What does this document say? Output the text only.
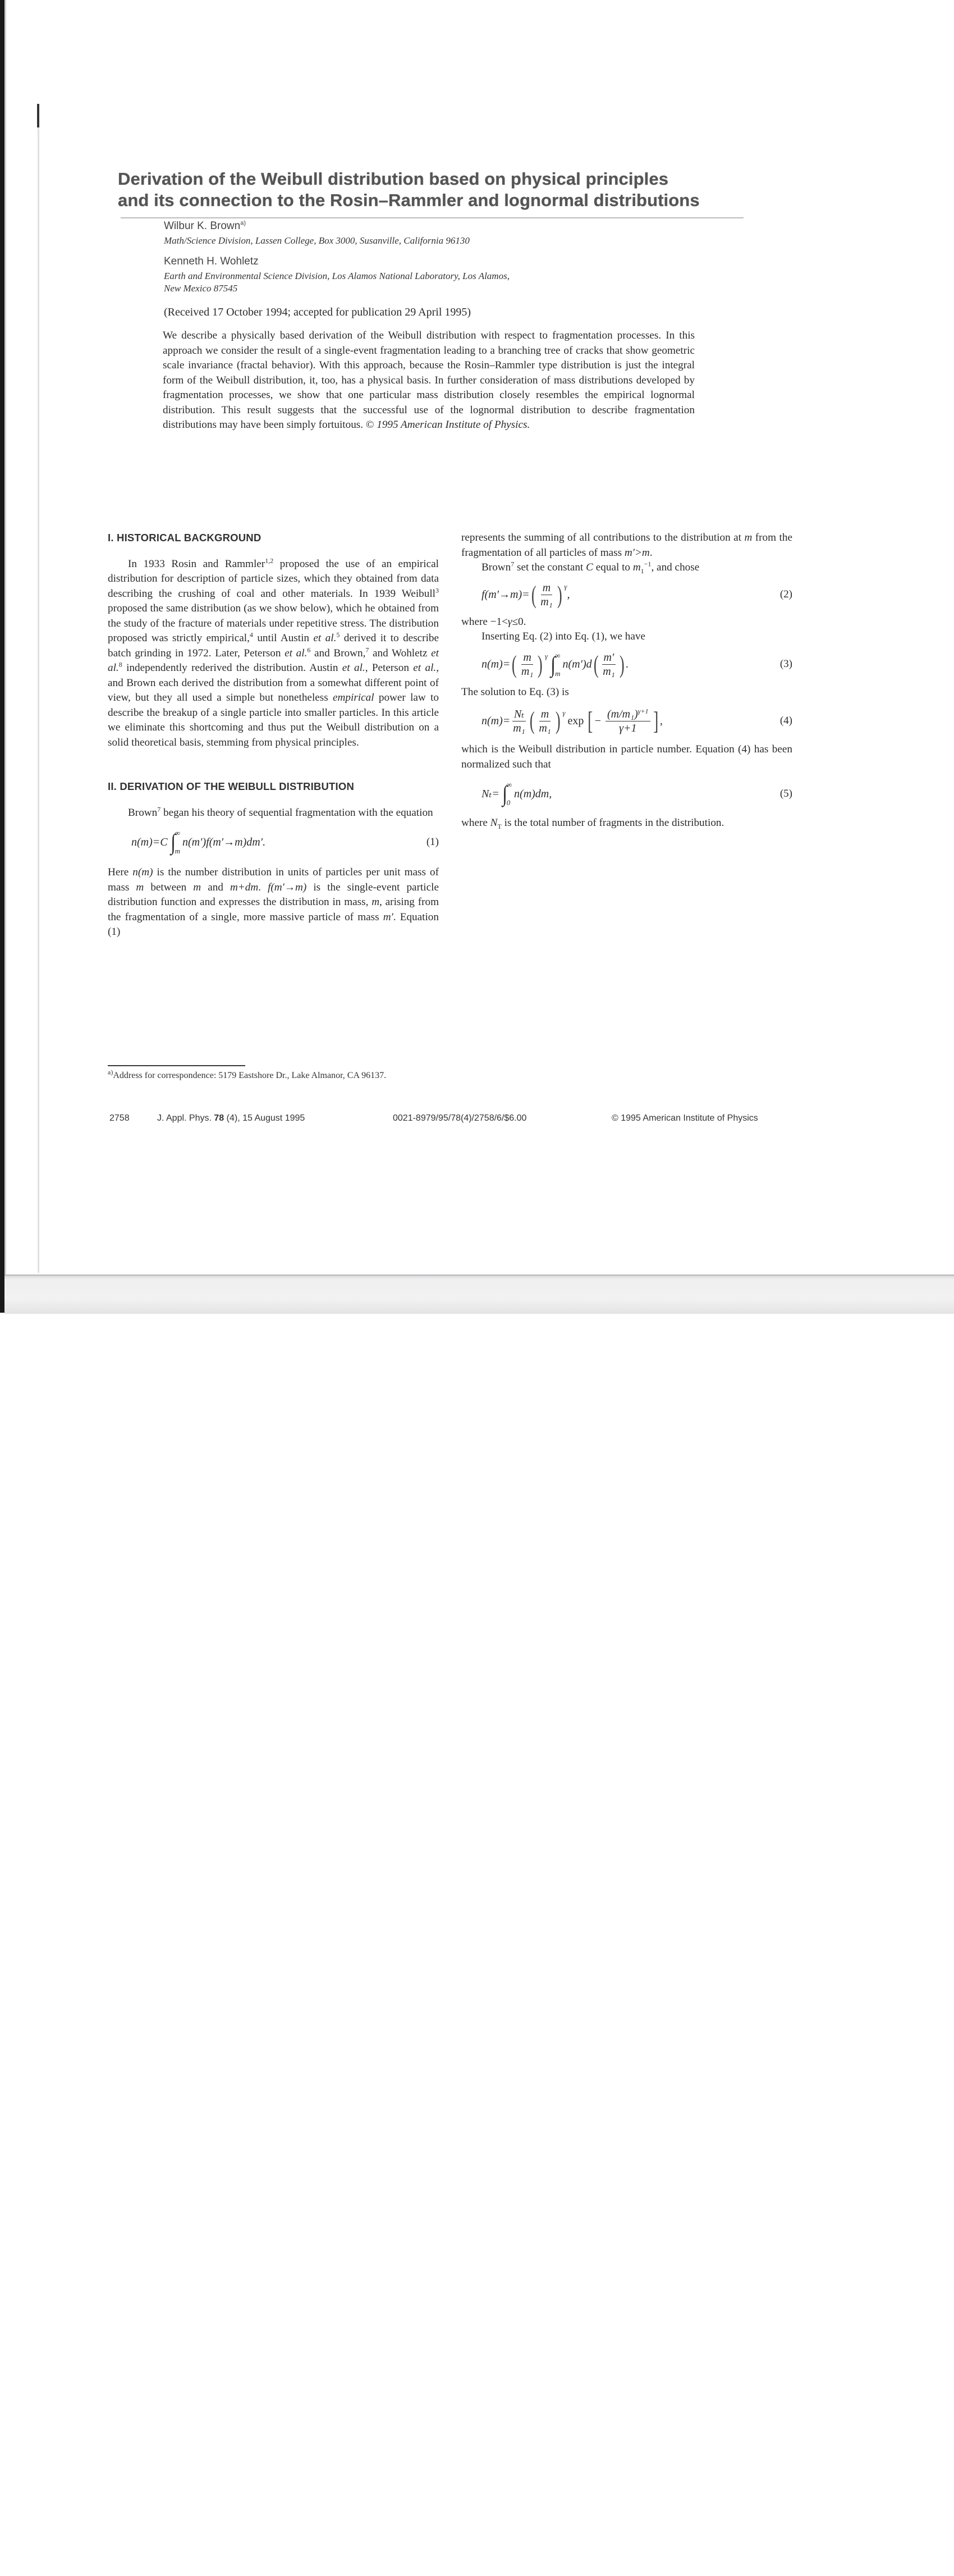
Derivation of the Weibull distribution based on physical principles
and its connection to the Rosin–Rammler and lognormal distributions
Wilbur K. Brown$^{a)}$
Math/Science Division, Lassen College, Box 3000, Susanville, California 96130
Kenneth H. Wohletz
Earth and Environmental Science Division, Los Alamos National Laboratory, Los Alamos,
New Mexico 87545
(Received 17 October 1994; accepted for publication 29 April 1995)
We describe a physically based derivation of the Weibull distribution with respect to fragmentation processes. In this approach we consider the result of a single-event fragmentation leading to a branching tree of cracks that show geometric scale invariance (fractal behavior). With this approach, because the Rosin–Rammler type distribution is just the integral form of the Weibull distribution, it, too, has a physical basis. In further consideration of mass distributions developed by fragmentation processes, we show that one particular mass distribution closely resembles the empirical lognormal distribution. This result suggests that the successful use of the lognormal distribution to describe fragmentation distributions may have been simply fortuitous. © 1995 American Institute of Physics.

I. HISTORICAL BACKGROUND

In 1933 Rosin and Rammler$^{1,2}$ proposed the use of an empirical distribution for description of particle sizes, which they obtained from data describing the crushing of coal and other materials. In 1939 Weibull$^3$ proposed the same distribution (as we show below), which he obtained from the study of the fracture of materials under repetitive stress. The distribution proposed was strictly empirical,$^4$ until Austin et al.$^5$ derived it to describe batch grinding in 1972. Later, Peterson et al.$^6$ and Brown,$^7$ and Wohletz et al.$^8$ independently rederived the distribution. Austin et al., Peterson et al., and Brown each derived the distribution from a somewhat different point of view, but they all used a simple but nonetheless empirical power law to describe the breakup of a single particle into smaller particles. In this article we eliminate this shortcoming and thus put the Weibull distribution on a solid theoretical basis, stemming from physical principles.

II. DERIVATION OF THE WEIBULL DISTRIBUTION

Brown$^7$ began his theory of sequential fragmentation with the equation

n(m)=C ∫ ∞
m
n(m′)f(m′→m)dm′.	(1)

Here n(m) is the number distribution in units of particles per unit mass of mass m between m and m+dm. f(m′→m) is the single-event particle distribution function and expresses the distribution in mass, m, arising from the fragmentation of a single, more massive particle of mass m′. Equation (1)

represents the summing of all contributions to the distribution at m from the fragmentation of all particles of mass m′>m.

Brown$^7$ set the constant C equal to $m_1^{-1}$, and chose

f(m′→m)= ( $\frac{m}{\text{m₁}}$ ) γ
,	(2)

where −1<γ≤0.

Inserting Eq. (2) into Eq. (1), we have

n(m)= ( $\frac{m}{\text{m₁}}$ ) γ ∫ ∞
m
n(m′)d ( $\frac{m'}{\text{m₁}}$ ) .	(3)

The solution to Eq. (3) is

$n(m)= \frac{\text{Nₜ}}{\text{m₁}}$ ( $\frac{m}{\text{m₁}}$ ) γ
exp [ − $\frac{(m/m_1)^{\gamma+1}}{\gamma+1}$ ] ,	(4)

which is the Weibull distribution in particle number. Equation (4) has been normalized such that

Nₜ= ∫ ∞
0
n(m)dm,	(5)

where $N_T$ is the total number of fragments in the distribution.

$^{a)}$Address for correspondence: 5179 Eastshore Dr., Lake Almanor, CA 96137.
2758	J. Appl. Phys. 78 (4), 15 August 1995	0021-8979/95/78(4)/2758/6/$6.00	© 1995 American Institute of Physics
